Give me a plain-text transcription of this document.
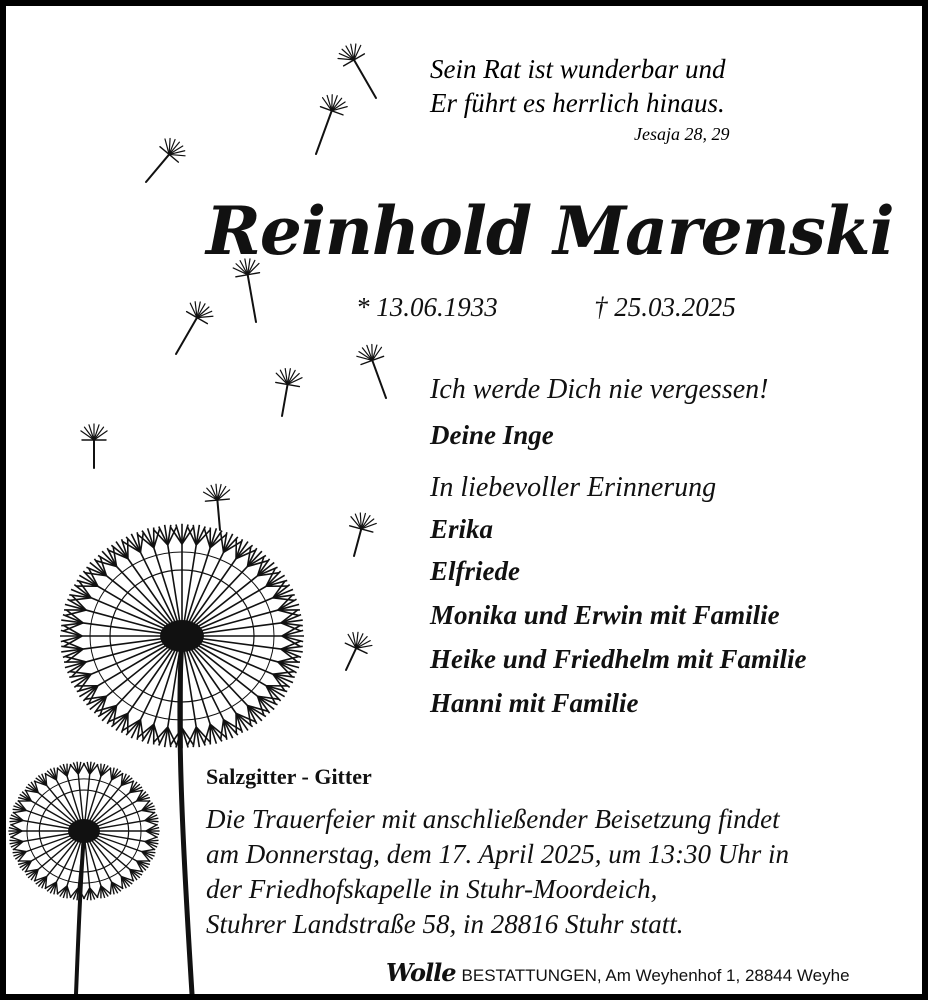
Sein Rat ist wunderbar und
Er führt es herrlich hinaus.
Jesaja 28, 29
Reinhold Marenski
* 13.06.1933	† 25.03.2025
Ich werde Dich nie vergessen!
Deine Inge
In liebevoller Erinnerung
Erika
Elfriede
Monika und Erwin mit Familie
Heike und Friedhelm mit Familie
Hanni mit Familie
Salzgitter - Gitter
Die Trauerfeier mit anschließender Beisetzung findet
am Donnerstag, dem 17. April 2025, um 13:30 Uhr in
der Friedhofskapelle in Stuhr-Moordeich,
Stuhrer Landstraße 58, in 28816 Stuhr statt.
Wolle BESTATTUNGEN, Am Weyhenhof 1, 28844 Weyhe
